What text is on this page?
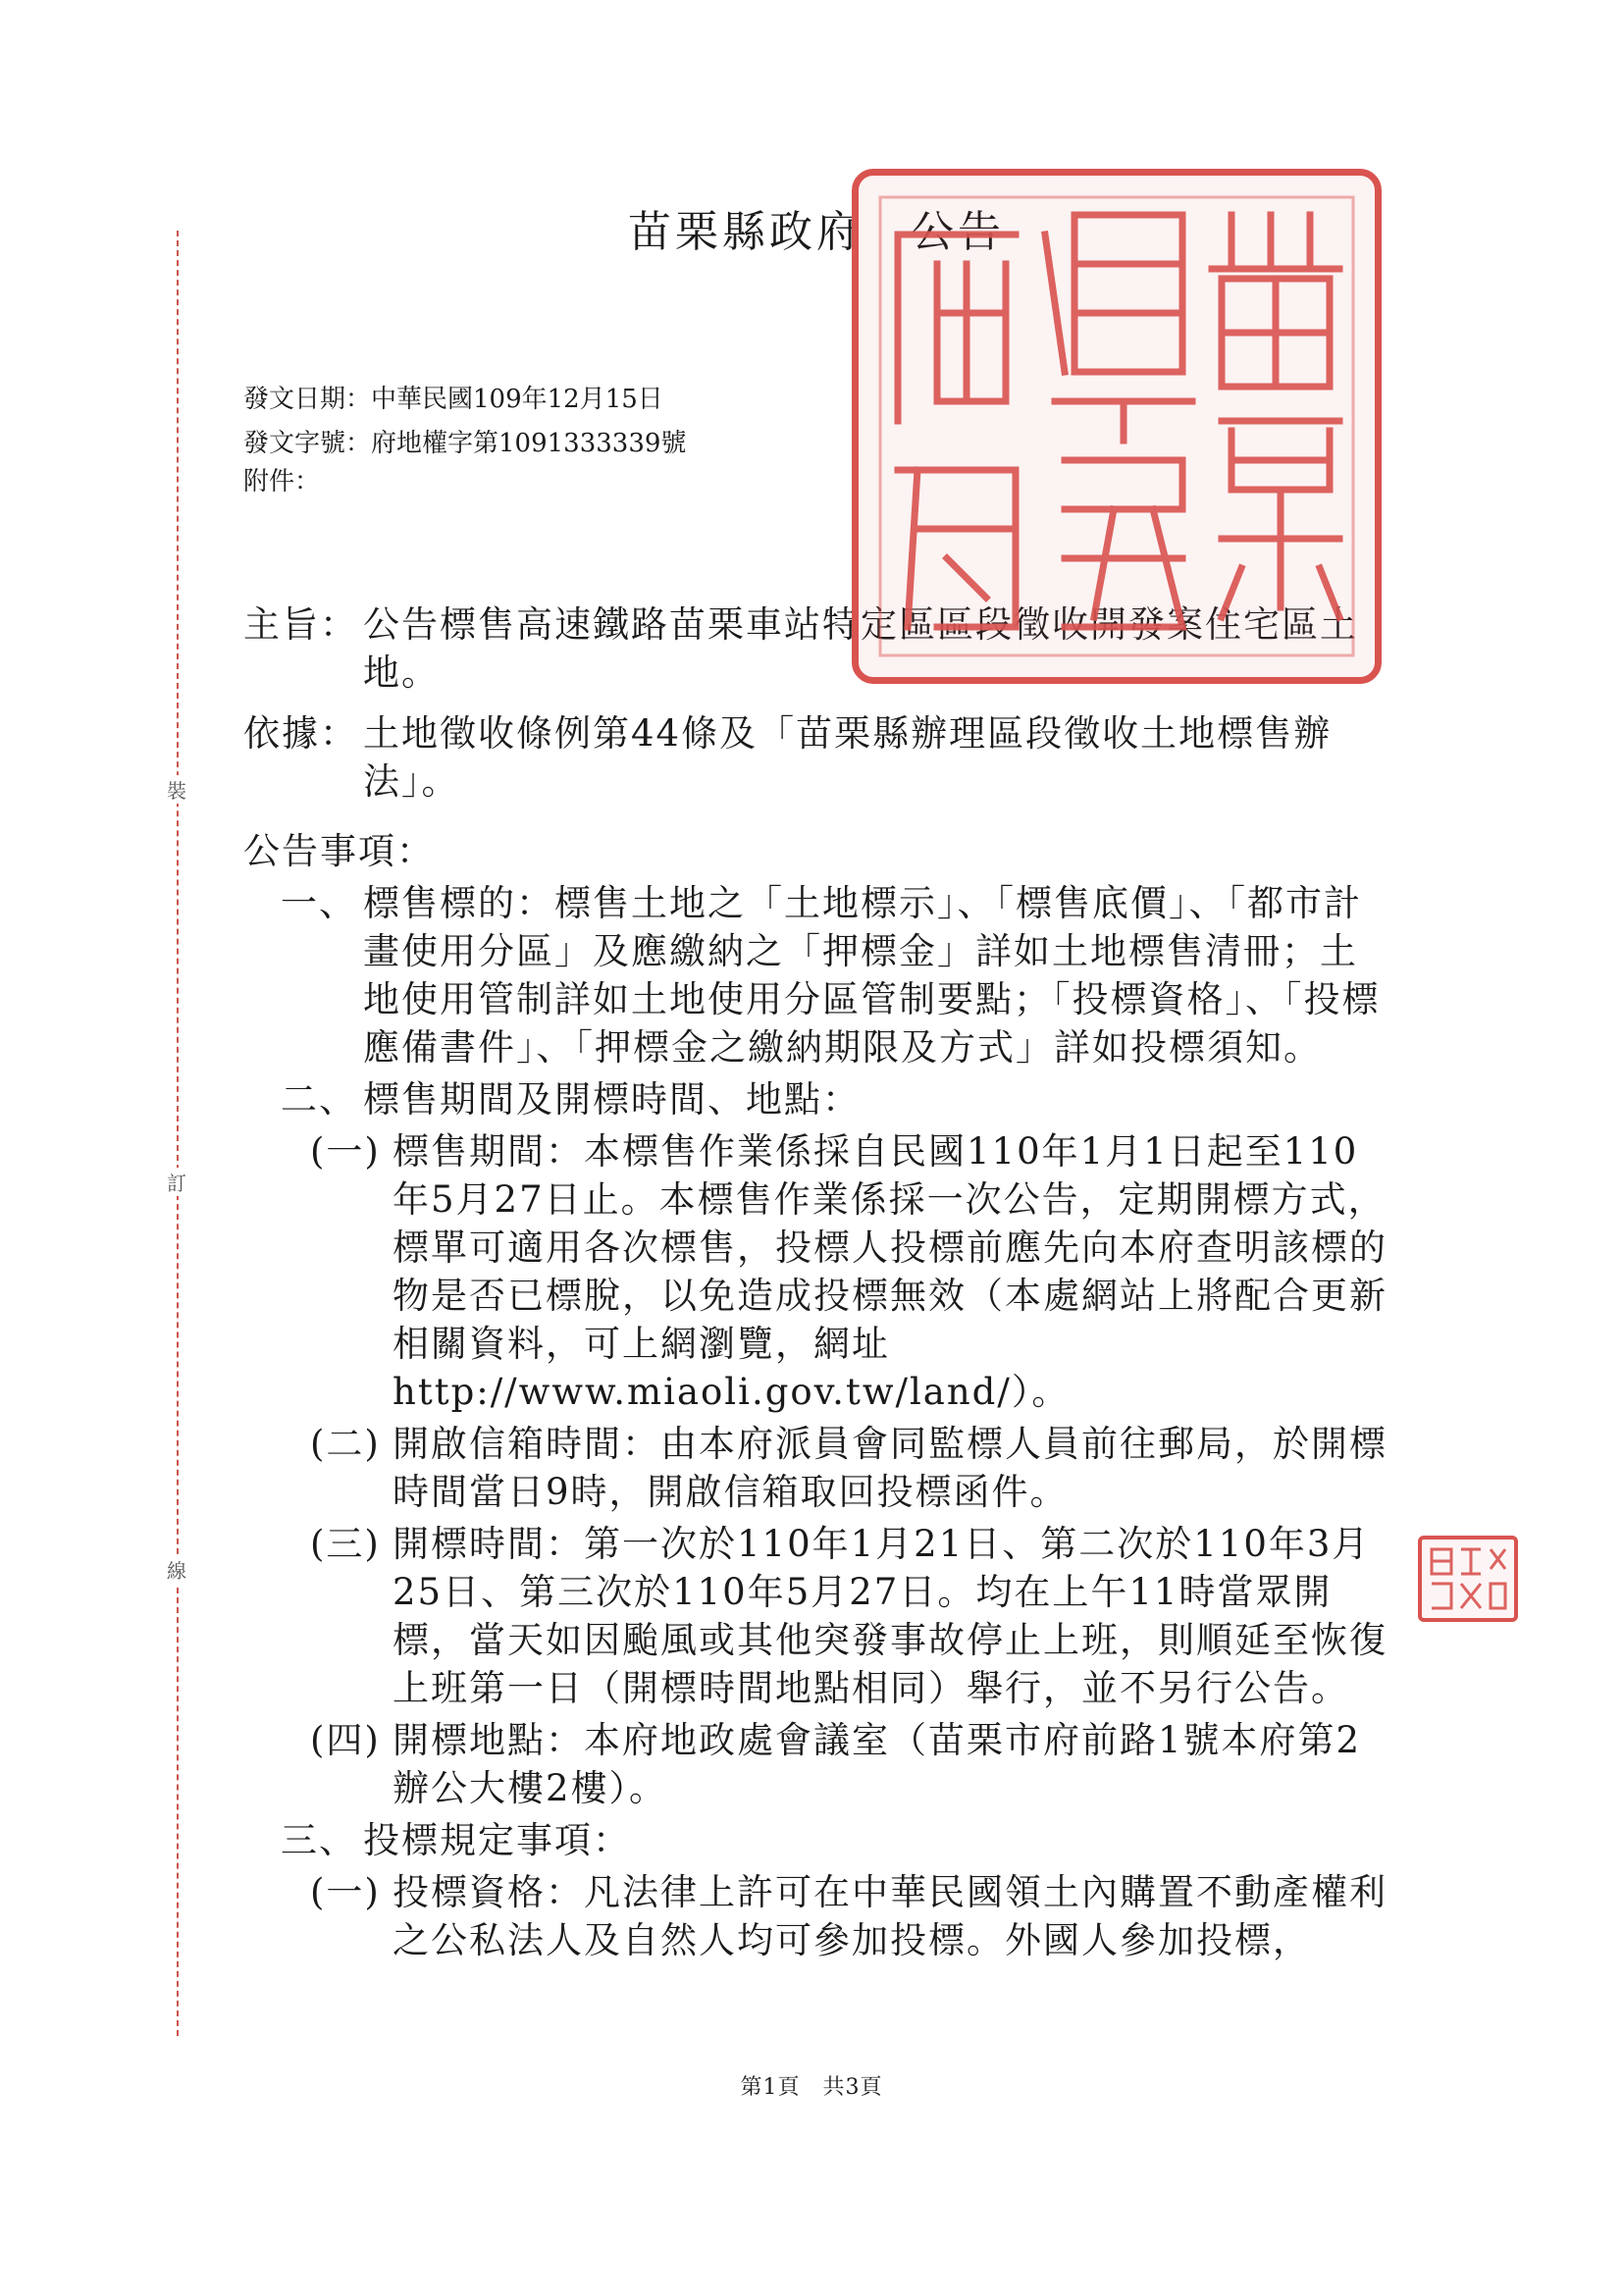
裝
訂
線
苗栗縣政府　公告
發文日期：中華民國109年12月15日
發文字號：府地權字第1091333339號
附件：
主旨： 公告標售高速鐵路苗栗車站特定區區段徵收開發案住宅區土地。
依據： 土地徵收條例第44條及「苗栗縣辦理區段徵收土地標售辦法」。
公告事項：
一、 標售標的：標售土地之「土地標示」、「標售底價」、「都市計畫使用分區」及應繳納之「押標金」詳如土地標售清冊；土地使用管制詳如土地使用分區管制要點；「投標資格」、「投標應備書件」、「押標金之繳納期限及方式」詳如投標須知。
二、 標售期間及開標時間、地點：
(一) 標售期間：本標售作業係採自民國110年1月1日起至110年5月27日止。本標售作業係採一次公告，定期開標方式，標單可適用各次標售，投標人投標前應先向本府查明該標的物是否已標脫，以免造成投標無效（本處網站上將配合更新相關資料，可上網瀏覽，網址 http://www.miaoli.gov.tw/land/）。
(二) 開啟信箱時間：由本府派員會同監標人員前往郵局，於開標時間當日9時，開啟信箱取回投標函件。
(三) 開標時間：第一次於110年1月21日、第二次於110年3月25日、第三次於110年5月27日。均在上午11時當眾開標，當天如因颱風或其他突發事故停止上班，則順延至恢復上班第一日（開標時間地點相同）舉行，並不另行公告。
(四) 開標地點：本府地政處會議室（苗栗市府前路1號本府第2辦公大樓2樓）。
三、 投標規定事項：
(一) 投標資格：凡法律上許可在中華民國領土內購置不動產權利之公私法人及自然人均可參加投標。外國人參加投標，
第1頁　共3頁
